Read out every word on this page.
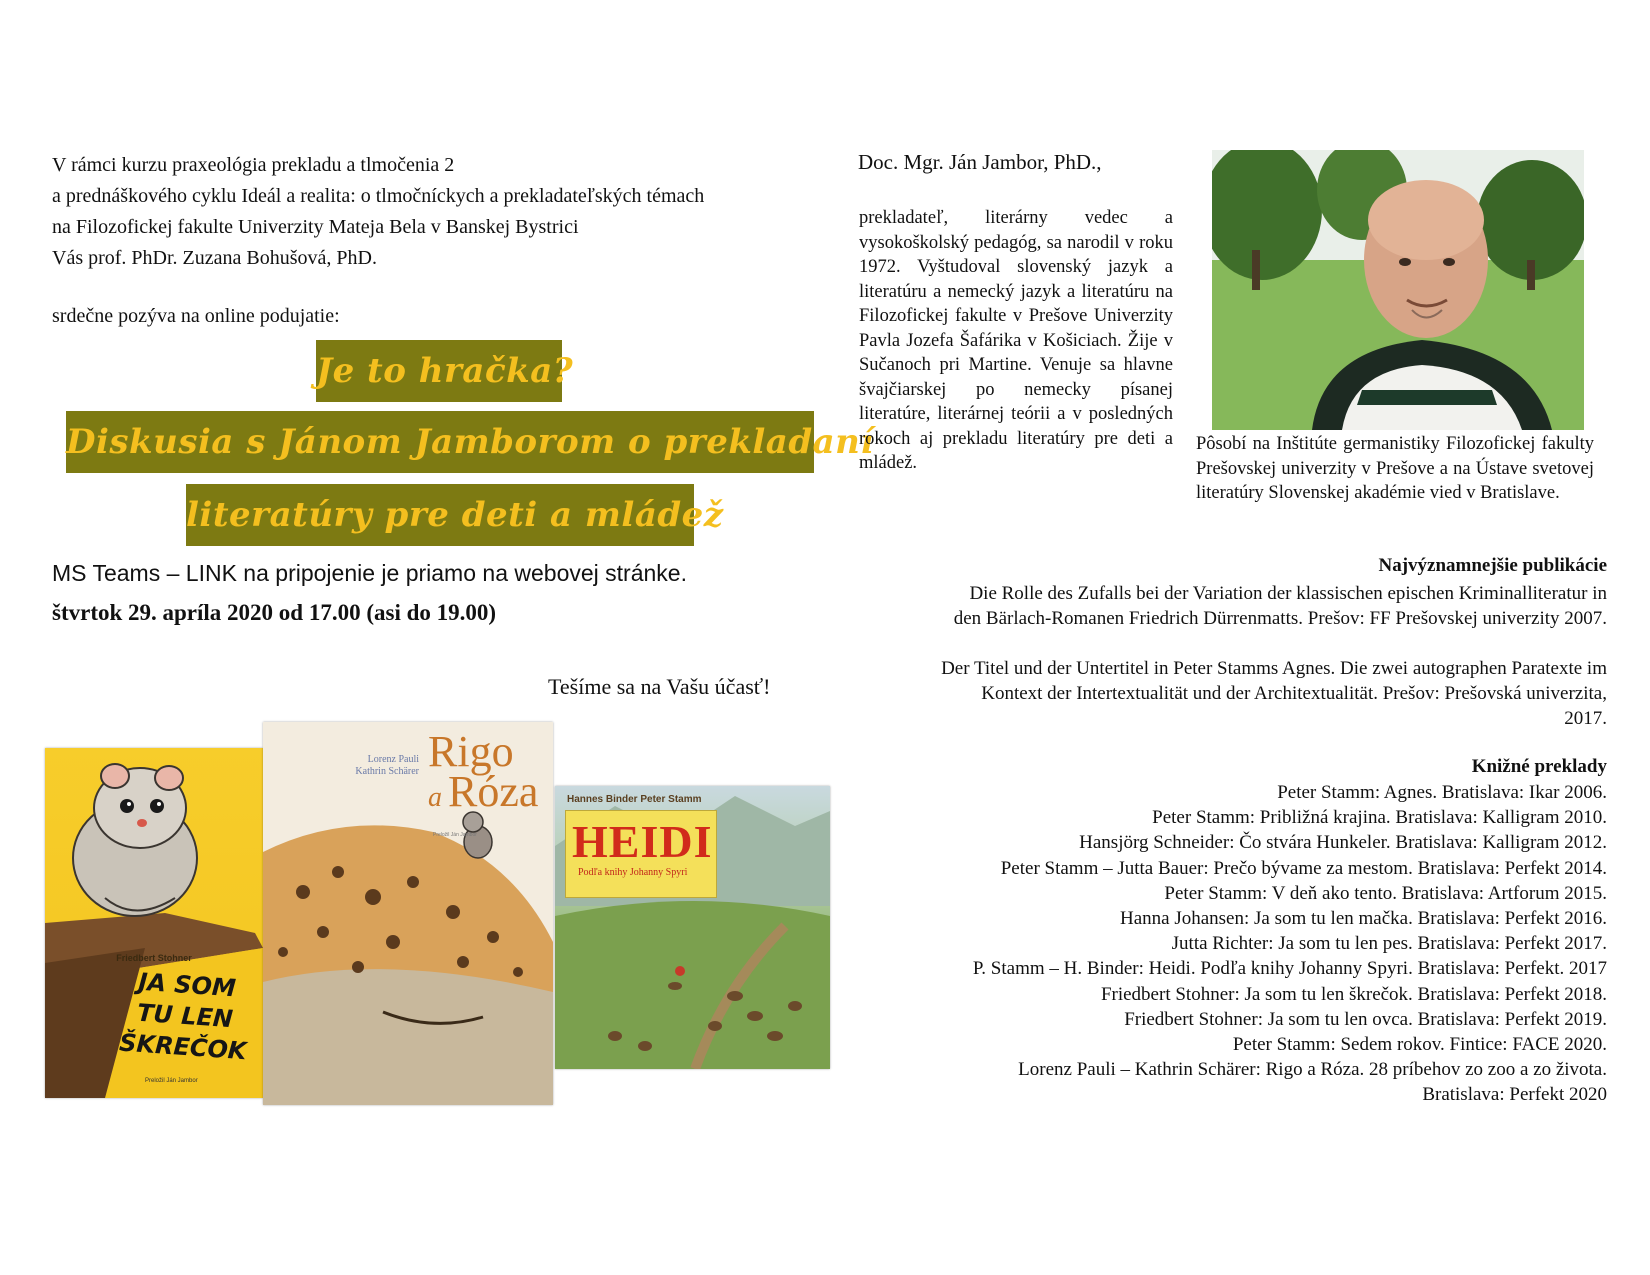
V rámci kurzu praxeológia prekladu a tlmočenia 2
a prednáškového cyklu Ideál a realita: o tlmočníckych a prekladateľských témach
na Filozofickej fakulte Univerzity Mateja Bela v Banskej Bystrici
Vás prof. PhDr. Zuzana Bohušová, PhD.
srdečne pozýva na online podujatie:
Je to hračka?
Diskusia s Jánom Jamborom o prekladaní
literatúry pre deti a mládež
MS Teams – LINK na pripojenie je priamo na webovej stránke.
štvrtok 29. apríla 2020 od 17.00 (asi do 19.00)
Tešíme sa na Vašu účasť!
Friedbert Stohner
JA SOM TU LEN ŠKREČOK
Preložil Ján Jambor
Lorenz Pauli
Kathrin Schärer Rigo
a Róza
Preložil Ján Jambor
Hannes Binder Peter Stamm
HEIDI
Podľa knihy Johanny Spyri
Doc. Mgr. Ján Jambor, PhD.,
prekladateľ, literárny vedec a vysokoškolský pedagóg, sa narodil v roku 1972. Vyštudoval slovenský jazyk a literatúru a nemecký jazyk a literatúru na Filozofickej fakulte v Prešove Univerzity Pavla Jozefa Šafárika v Košiciach. Žije v Sučanoch pri Martine. Venuje sa hlavne švajčiarskej po nemecky písanej literatúre, literárnej teórii a v posledných rokoch aj prekladu literatúry pre deti a mládež.
Pôsobí na Inštitúte germanistiky Filozofickej fakulty Prešovskej univerzity v Prešove a na Ústave svetovej literatúry Slovenskej akadémie vied v Bratislave.
Najvýznamnejšie publikácie
Die Rolle des Zufalls bei der Variation der klassischen epischen Kriminalliteratur in
den Bärlach-Romanen Friedrich Dürrenmatts. Prešov: FF Prešovskej univerzity 2007.
Der Titel und der Untertitel in Peter Stamms Agnes. Die zwei autographen Paratexte im
Kontext der Intertextualität und der Architextualität. Prešov: Prešovská univerzita,
2017.
Knižné preklady
Peter Stamm: Agnes. Bratislava: Ikar 2006.
Peter Stamm: Približná krajina. Bratislava: Kalligram 2010.
Hansjörg Schneider: Čo stvára Hunkeler. Bratislava: Kalligram 2012.
Peter Stamm – Jutta Bauer: Prečo bývame za mestom. Bratislava: Perfekt 2014.
Peter Stamm: V deň ako tento. Bratislava: Artforum 2015.
Hanna Johansen: Ja som tu len mačka. Bratislava: Perfekt 2016.
Jutta Richter: Ja som tu len pes. Bratislava: Perfekt 2017.
P. Stamm – H. Binder: Heidi. Podľa knihy Johanny Spyri. Bratislava: Perfekt. 2017
Friedbert Stohner: Ja som tu len škrečok. Bratislava: Perfekt 2018.
Friedbert Stohner: Ja som tu len ovca. Bratislava: Perfekt 2019.
Peter Stamm: Sedem rokov. Fintice: FACE 2020.
Lorenz Pauli – Kathrin Schärer: Rigo a Róza. 28 príbehov zo zoo a zo života.
Bratislava: Perfekt 2020
